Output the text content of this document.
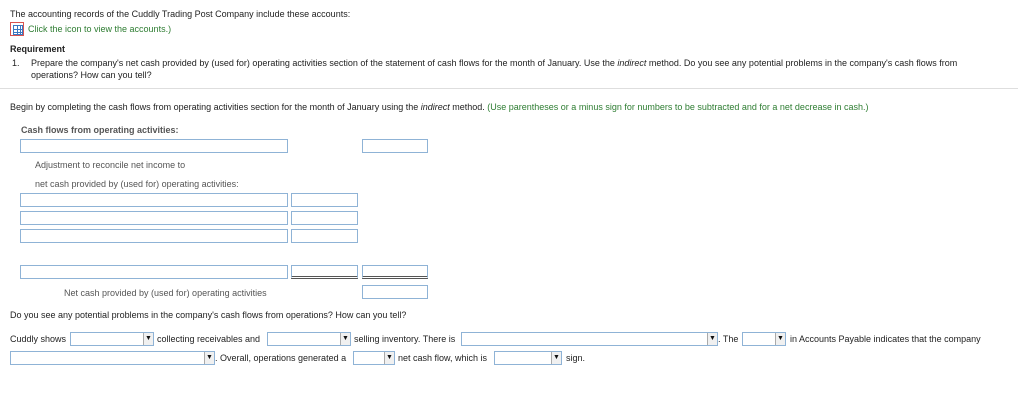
The accounting records of the Cuddly Trading Post Company include these accounts:
Click the icon to view the accounts.)
Requirement
1. Prepare the company's net cash provided by (used for) operating activities section of the statement of cash flows for the month of January. Use the indirect method. Do you see any potential problems in the company's cash flows from
operations? How can you tell?
Begin by completing the cash flows from operating activities section for the month of January using the indirect method. (Use parentheses or a minus sign for numbers to be subtracted and for a net decrease in cash.)
Cash flows from operating activities:
Adjustment to reconcile net income to
net cash provided by (used for) operating activities:
Net cash provided by (used for) operating activities
Do you see any potential problems in the company's cash flows from operations? How can you tell?
Cuddly shows	▼ collecting receivables and	▼ selling inventory. There is	▼ . The	▼ in Accounts Payable indicates that the company
▼ . Overall, operations generated a	▼ net cash flow, which is	▼ sign.
